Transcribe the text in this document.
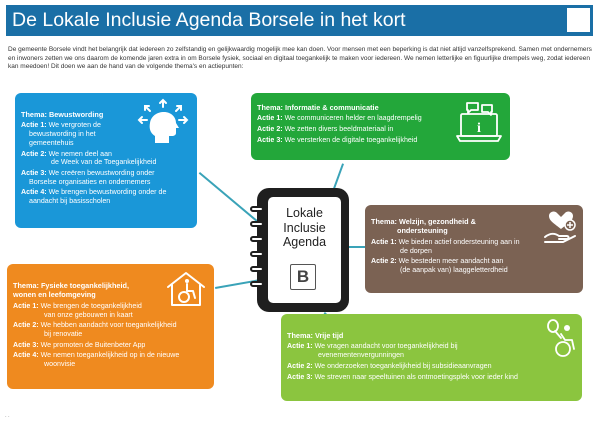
De Lokale Inclusie Agenda Borsele in het kort
De gemeente Borsele vindt het belangrijk dat iedereen zo zelfstandig en gelijkwaardig mogelijk mee kan doen. Voor mensen met een beperking is dat niet altijd vanzelfsprekend. Samen met ondernemers en inwoners zetten we ons daarom de komende jaren extra in om Borsele fysiek, sociaal en digitaal toegankelijk te maken voor iedereen. We nemen letterlijke en figuurlijke drempels weg, zodat iedereen kan meedoen! Dit doen we aan de hand van de volgende thema's en actiepunten:
Thema: Bewustwording
Actie 1: We vergroten de
bewustwording in het
gemeentehuis
Actie 2: We nemen deel aan
de Week van de Toegankelijkheid
Actie 3: We creëren bewustwording onder
Borselse organisaties en ondernemers
Actie 4: We brengen bewustwording onder de
aandacht bij basisscholen
Thema: Informatie & communicatie
Actie 1: We communiceren helder en laagdrempelig
Actie 2: We zetten divers beeldmateriaal in
Actie 3: We versterken de digitale toegankelijkheid
i
Thema: Welzijn, gezondheid &
ondersteuning
Actie 1: We bieden actief ondersteuning aan in
de dorpen
Actie 2: We besteden meer aandacht aan
(de aanpak van) laaggeletterdheid
Thema: Fysieke toegankelijkheid,
wonen en leefomgeving
Actie 1: We brengen de toegankelijkheid
van onze gebouwen in kaart
Actie 2: We hebben aandacht voor toegankelijkheid
bij renovatie
Actie 3: We promoten de Buitenbeter App
Actie 4: We nemen toegankelijkheid op in de nieuwe
woonvisie
Thema: Vrije tijd
Actie 1: We vragen aandacht voor toegankelijkheid bij
evenementenvergunningen
Actie 2: We onderzoeken toegankelijkheid bij subsidieaanvragen
Actie 3: We streven naar speeltuinen als ontmoetingsplek voor ieder kind
Lokale
Inclusie
Agenda
B
· ·
